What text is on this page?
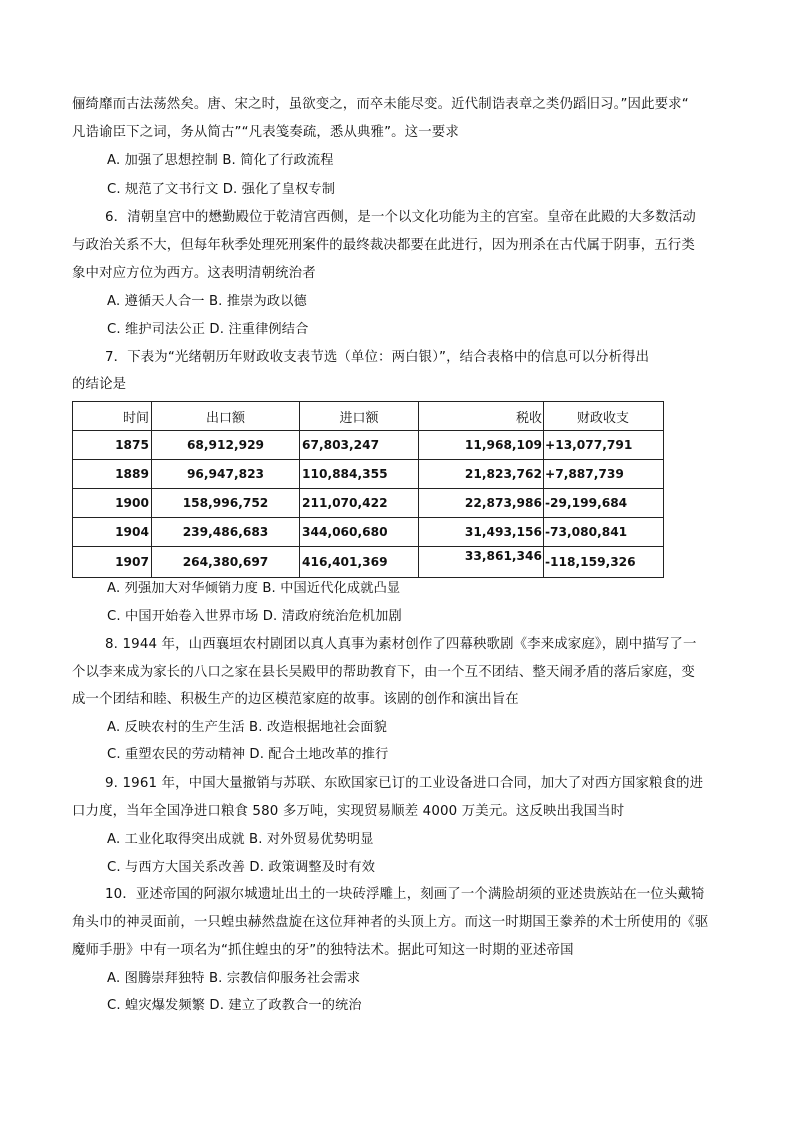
俪绮靡而古法荡然矣。唐、宋之时，虽欲变之，而卒未能尽变。近代制诰表章之类仍蹈旧习。”因此要求“
凡诰谕臣下之词，务从简古”“凡表笺奏疏，悉从典雅”。这一要求
A. 加强了思想控制 B. 简化了行政流程
C. 规范了文书行文 D. 强化了皇权专制
6．清朝皇宫中的懋勤殿位于乾清宫西侧，是一个以文化功能为主的宫室。皇帝在此殿的大多数活动
与政治关系不大，但每年秋季处理死刑案件的最终裁决都要在此进行，因为刑杀在古代属于阴事，五行类
象中对应方位为西方。这表明清朝统治者
A. 遵循天人合一 B. 推崇为政以德
C. 维护司法公正 D. 注重律例结合
7．下表为“光绪朝历年财政收支表节选（单位：两白银）”，结合表格中的信息可以分析得出
的结论是
时间	出口额	进口额	税收	财政收支
1875	68,912,929	67,803,247	11,968,109	+13,077,791
1889	96,947,823	110,884,355	21,823,762	+7,887,739
1900	158,996,752	211,070,422	22,873,986	-29,199,684
1904	239,486,683	344,060,680	31,493,156	-73,080,841
1907	264,380,697	416,401,369	33,861,346	-118,159,326
A. 列强加大对华倾销力度 B. 中国近代化成就凸显
C. 中国开始卷入世界市场 D. 清政府统治危机加剧
8. 1944 年，山西襄垣农村剧团以真人真事为素材创作了四幕秧歌剧《李来成家庭》，剧中描写了一
个以李来成为家长的八口之家在县长吴殿甲的帮助教育下，由一个互不团结、整天闹矛盾的落后家庭，变
成一个团结和睦、积极生产的边区模范家庭的故事。该剧的创作和演出旨在
A. 反映农村的生产生活 B. 改造根据地社会面貌
C. 重塑农民的劳动精神 D. 配合土地改革的推行
9. 1961 年，中国大量撤销与苏联、东欧国家已订的工业设备进口合同，加大了对西方国家粮食的进
口力度，当年全国净进口粮食 580 多万吨，实现贸易顺差 4000 万美元。这反映出我国当时
A. 工业化取得突出成就 B. 对外贸易优势明显
C. 与西方大国关系改善 D. 政策调整及时有效
10．亚述帝国的阿淑尔城遗址出土的一块砖浮雕上，刻画了一个满脸胡须的亚述贵族站在一位头戴犄
角头巾的神灵面前，一只蝗虫赫然盘旋在这位拜神者的头顶上方。而这一时期国王豢养的术士所使用的《驱
魔师手册》中有一项名为“抓住蝗虫的牙”的独特法术。据此可知这一时期的亚述帝国
A. 图腾崇拜独特 B. 宗教信仰服务社会需求
C. 蝗灾爆发频繁 D. 建立了政教合一的统治
